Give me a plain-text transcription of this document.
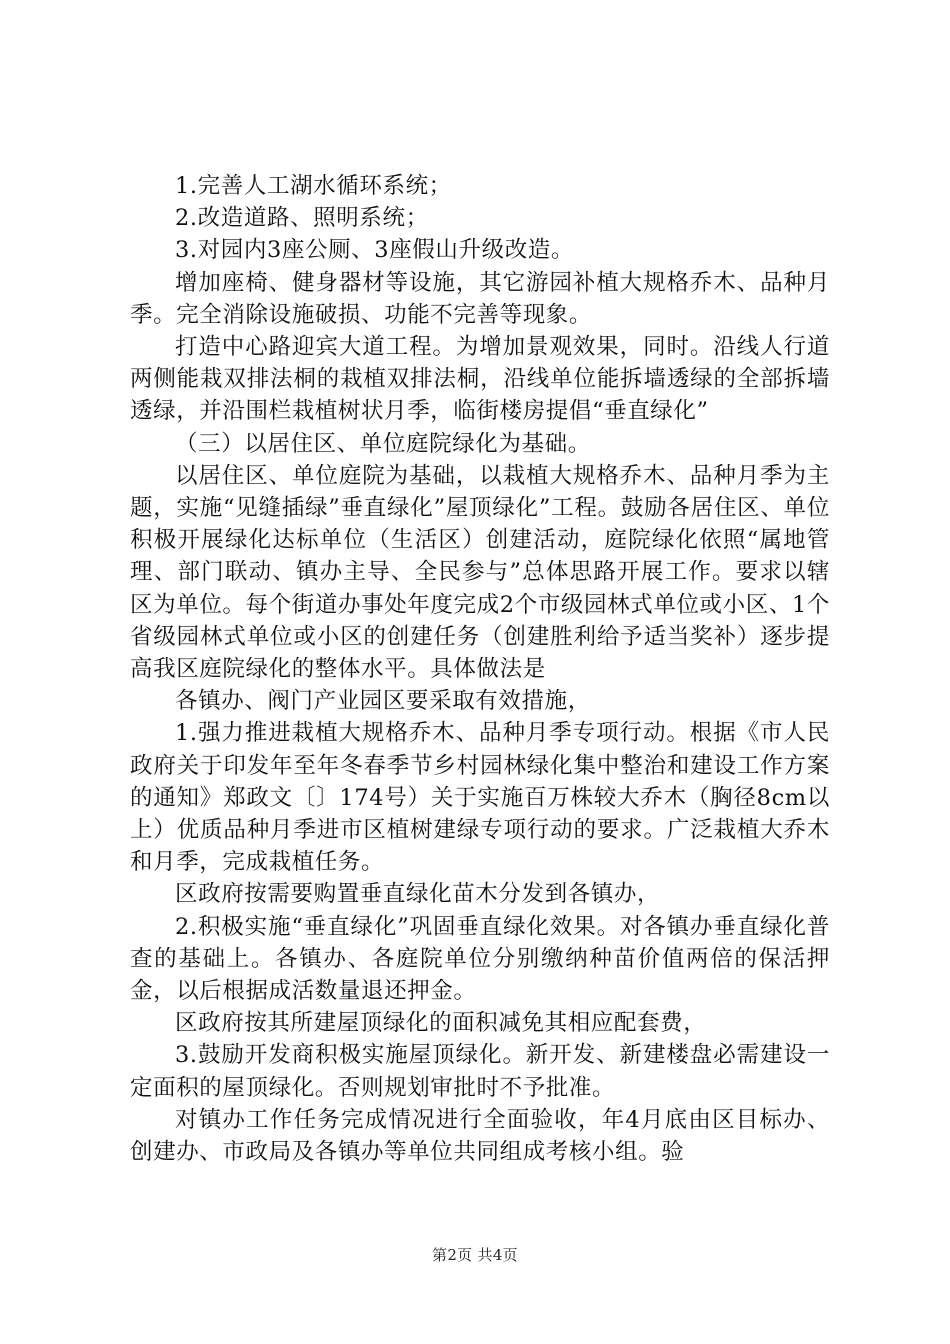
1.完善人工湖水循环系统；

2.改造道路、照明系统；

3.对园内3座公厕、3座假山升级改造。

增加座椅、健身器材等设施，其它游园补植大规格乔木、品种月季。完全消除设施破损、功能不完善等现象。

打造中心路迎宾大道工程。为增加景观效果，同时。沿线人行道两侧能栽双排法桐的栽植双排法桐，沿线单位能拆墙透绿的全部拆墙透绿，并沿围栏栽植树状月季，临街楼房提倡“垂直绿化”

（三）以居住区、单位庭院绿化为基础。

以居住区、单位庭院为基础，以栽植大规格乔木、品种月季为主题，实施“见缝插绿”垂直绿化”屋顶绿化”工程。鼓励各居住区、单位积极开展绿化达标单位（生活区）创建活动，庭院绿化依照“属地管理、部门联动、镇办主导、全民参与”总体思路开展工作。要求以辖区为单位。每个街道办事处年度完成2个市级园林式单位或小区、1个省级园林式单位或小区的创建任务（创建胜利给予适当奖补）逐步提高我区庭院绿化的整体水平。具体做法是

各镇办、阀门产业园区要采取有效措施，

1.强力推进栽植大规格乔木、品种月季专项行动。根据《市人民政府关于印发年至年冬春季节乡村园林绿化集中整治和建设工作方案的通知》郑政文〔〕174号）关于实施百万株较大乔木（胸径8cm以上）优质品种月季进市区植树建绿专项行动的要求。广泛栽植大乔木和月季，完成栽植任务。

区政府按需要购置垂直绿化苗木分发到各镇办，

2.积极实施“垂直绿化”巩固垂直绿化效果。对各镇办垂直绿化普查的基础上。各镇办、各庭院单位分别缴纳种苗价值两倍的保活押金，以后根据成活数量退还押金。

区政府按其所建屋顶绿化的面积减免其相应配套费，

3.鼓励开发商积极实施屋顶绿化。新开发、新建楼盘必需建设一定面积的屋顶绿化。否则规划审批时不予批准。

对镇办工作任务完成情况进行全面验收，年4月底由区目标办、创建办、市政局及各镇办等单位共同组成考核小组。验

第2页 共4页
